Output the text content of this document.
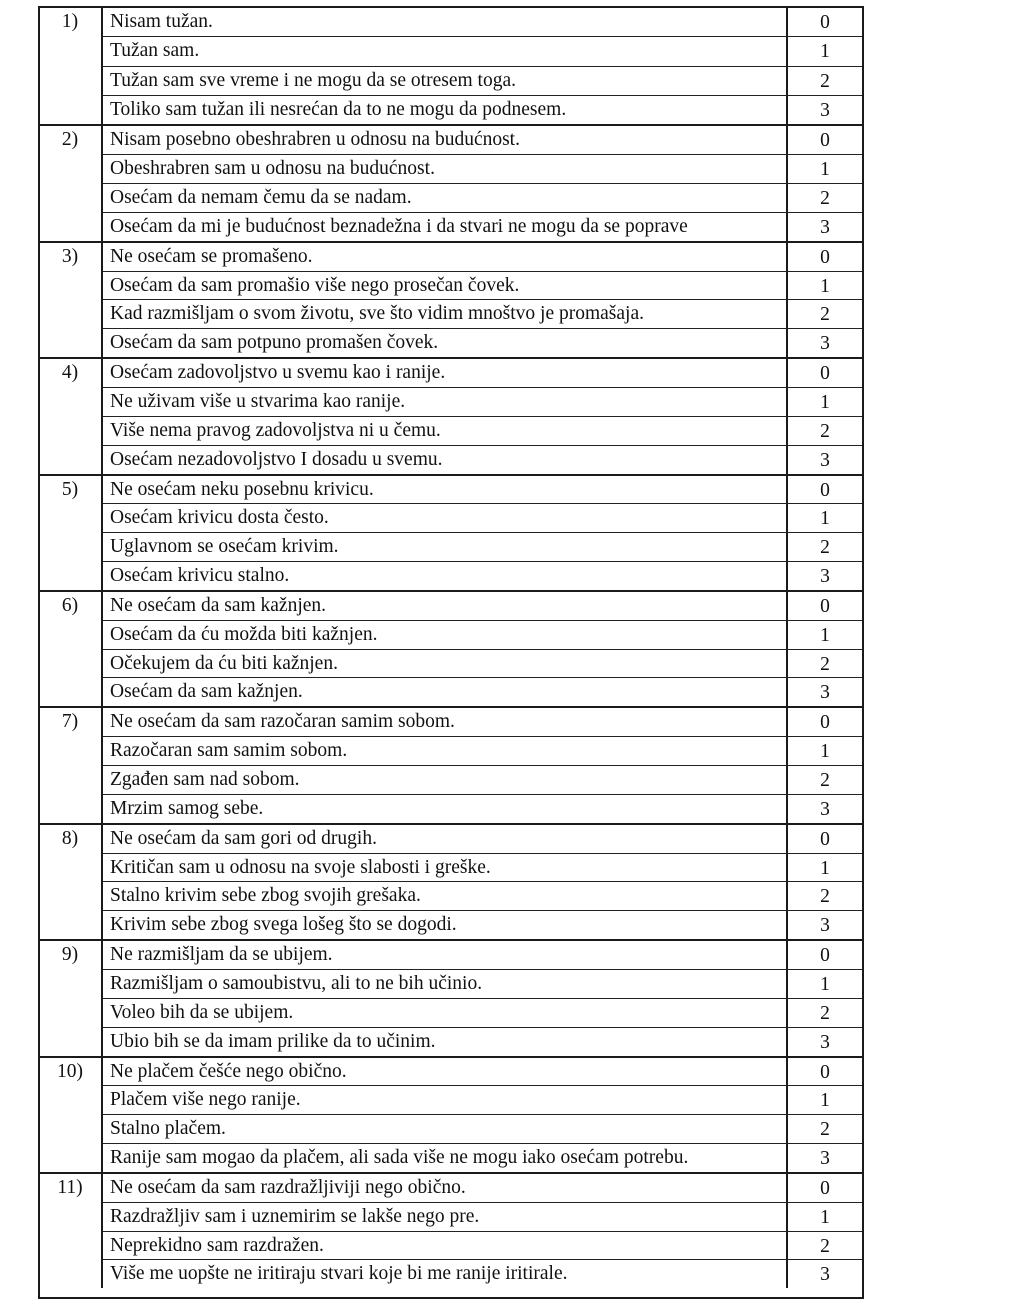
1)	Nisam tužan.	0
Tužan sam.	1
Tužan sam sve vreme i ne mogu da se otresem toga.	2
Toliko sam tužan ili nesrećan da to ne mogu da podnesem.	3
2)	Nisam posebno obeshrabren u odnosu na budućnost.	0
Obeshrabren sam u odnosu na budućnost.	1
Osećam da nemam čemu da se nadam.	2
Osećam da mi je budućnost beznadežna i da stvari ne mogu da se poprave	3
3)	Ne osećam se promašeno.	0
Osećam da sam promašio više nego prosečan čovek.	1
Kad razmišljam o svom životu, sve što vidim mnoštvo je promašaja.	2
Osećam da sam potpuno promašen čovek.	3
4)	Osećam zadovoljstvo u svemu kao i ranije.	0
Ne uživam više u stvarima kao ranije.	1
Više nema pravog zadovoljstva ni u čemu.	2
Osećam nezadovoljstvo I dosadu u svemu.	3
5)	Ne osećam neku posebnu krivicu.	0
Osećam krivicu dosta često.	1
Uglavnom se osećam krivim.	2
Osećam krivicu stalno.	3
6)	Ne osećam da sam kažnjen.	0
Osećam da ću možda biti kažnjen.	1
Očekujem da ću biti kažnjen.	2
Osećam da sam kažnjen.	3
7)	Ne osećam da sam razočaran samim sobom.	0
Razočaran sam samim sobom.	1
Zgađen sam nad sobom.	2
Mrzim samog sebe.	3
8)	Ne osećam da sam gori od drugih.	0
Kritičan sam u odnosu na svoje slabosti i greške.	1
Stalno krivim sebe zbog svojih grešaka.	2
Krivim sebe zbog svega lošeg što se dogodi.	3
9)	Ne razmišljam da se ubijem.	0
Razmišljam o samoubistvu, ali to ne bih učinio.	1
Voleo bih da se ubijem.	2
Ubio bih se da imam prilike da to učinim.	3
10)	Ne plačem češće nego obično.	0
Plačem više nego ranije.	1
Stalno plačem.	2
Ranije sam mogao da plačem, ali sada više ne mogu iako osećam potrebu.	3
11)	Ne osećam da sam razdražljiviji nego obično.	0
Razdražljiv sam i uznemirim se lakše nego pre.	1
Neprekidno sam razdražen.	2
Više me uopšte ne iritiraju stvari koje bi me ranije iritirale.	3
